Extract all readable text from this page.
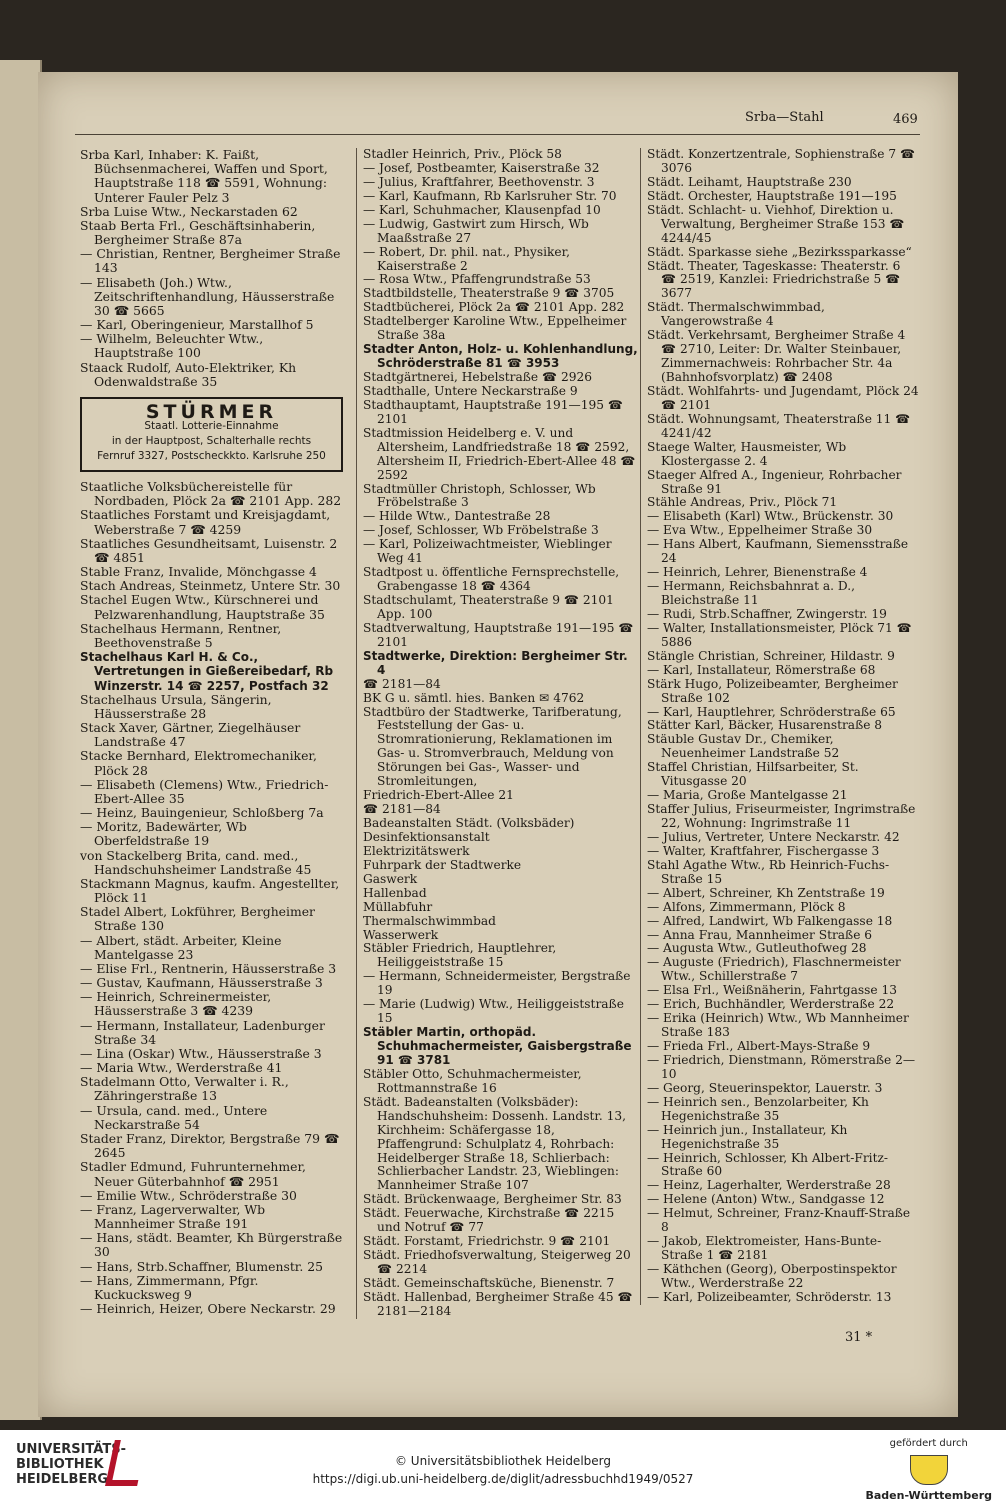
Srba—Stahl	469

Srba Karl, Inhaber: K. Faißt, Büchsenmacherei, Waffen und Sport, Hauptstraße 118 ☎ 5591, Wohnung: Unterer Fauler Pelz 3

Srba Luise Wtw., Neckarstaden 62

Staab Berta Frl., Geschäftsinhaberin, Bergheimer Straße 87a

— Christian, Rentner, Bergheimer Straße 143

— Elisabeth (Joh.) Wtw., Zeitschriftenhandlung, Häusserstraße 30 ☎ 5665

— Karl, Oberingenieur, Marstallhof 5

— Wilhelm, Beleuchter Wtw., Hauptstraße 100

Staack Rudolf, Auto-Elektriker, Kh Odenwaldstraße 35

STÜRMER
Staatl. Lotterie-Einnahme
in der Hauptpost, Schalterhalle rechts
Fernruf 3327, Postscheckkto. Karlsruhe 250

Staatliche Volksbüchereistelle für Nordbaden, Plöck 2a ☎ 2101 App. 282

Staatliches Forstamt und Kreisjagdamt, Weberstraße 7 ☎ 4259

Staatliches Gesundheitsamt, Luisenstr. 2 ☎ 4851

Stable Franz, Invalide, Mönchgasse 4

Stach Andreas, Steinmetz, Untere Str. 30

Stachel Eugen Wtw., Kürschnerei und Pelzwarenhandlung, Hauptstraße 35

Stachelhaus Hermann, Rentner, Beethovenstraße 5

Stachelhaus Karl H. & Co., Vertretungen in Gießereibedarf, Rb Winzerstr. 14 ☎ 2257, Postfach 32

Stachelhaus Ursula, Sängerin, Häusserstraße 28

Stack Xaver, Gärtner, Ziegelhäuser Landstraße 47

Stacke Bernhard, Elektromechaniker, Plöck 28

— Elisabeth (Clemens) Wtw., Friedrich-Ebert-Allee 35

— Heinz, Bauingenieur, Schloßberg 7a

— Moritz, Badewärter, Wb Oberfeldstraße 19

von Stackelberg Brita, cand. med., Handschuhsheimer Landstraße 45

Stackmann Magnus, kaufm. Angestellter, Plöck 11

Stadel Albert, Lokführer, Bergheimer Straße 130

— Albert, städt. Arbeiter, Kleine Mantelgasse 23

— Elise Frl., Rentnerin, Häusserstraße 3

— Gustav, Kaufmann, Häusserstraße 3

— Heinrich, Schreinermeister, Häusserstraße 3 ☎ 4239

— Hermann, Installateur, Ladenburger Straße 34

— Lina (Oskar) Wtw., Häusserstraße 3

— Maria Wtw., Werderstraße 41

Stadelmann Otto, Verwalter i. R., Zähringerstraße 13

— Ursula, cand. med., Untere Neckarstraße 54

Stader Franz, Direktor, Bergstraße 79 ☎ 2645

Stadler Edmund, Fuhrunternehmer, Neuer Güterbahnhof ☎ 2951

— Emilie Wtw., Schröderstraße 30

— Franz, Lagerverwalter, Wb Mannheimer Straße 191

— Hans, städt. Beamter, Kh Bürgerstraße 30

— Hans, Strb.Schaffner, Blumenstr. 25

— Hans, Zimmermann, Pfgr. Kuckucksweg 9

— Heinrich, Heizer, Obere Neckarstr. 29

Stadler Heinrich, Priv., Plöck 58

— Josef, Postbeamter, Kaiserstraße 32

— Julius, Kraftfahrer, Beethovenstr. 3

— Karl, Kaufmann, Rb Karlsruher Str. 70

— Karl, Schuhmacher, Klausenpfad 10

— Ludwig, Gastwirt zum Hirsch, Wb Maaßstraße 27

— Robert, Dr. phil. nat., Physiker, Kaiserstraße 2

— Rosa Wtw., Pfaffengrundstraße 53

Stadtbildstelle, Theaterstraße 9 ☎ 3705

Stadtbücherei, Plöck 2a ☎ 2101 App. 282

Stadtelberger Karoline Wtw., Eppelheimer Straße 38a

Stadter Anton, Holz- u. Kohlenhandlung, Schröderstraße 81 ☎ 3953

Stadtgärtnerei, Hebelstraße ☎ 2926

Stadthalle, Untere Neckarstraße 9

Stadthauptamt, Hauptstraße 191—195 ☎ 2101

Stadtmission Heidelberg e. V. und Altersheim, Landfriedstraße 18 ☎ 2592, Altersheim II, Friedrich-Ebert-Allee 48 ☎ 2592

Stadtmüller Christoph, Schlosser, Wb Fröbelstraße 3

— Hilde Wtw., Dantestraße 28

— Josef, Schlosser, Wb Fröbelstraße 3

— Karl, Polizeiwachtmeister, Wieblinger Weg 41

Stadtpost u. öffentliche Fernsprechstelle, Grabengasse 18 ☎ 4364

Stadtschulamt, Theaterstraße 9 ☎ 2101 App. 100

Stadtverwaltung, Hauptstraße 191—195 ☎ 2101

Stadtwerke, Direktion: Bergheimer Str. 4

☎ 2181—84

BK G u. sämtl. hies. Banken ✉ 4762

Stadtbüro der Stadtwerke, Tarifberatung, Feststellung der Gas- u. Stromrationierung, Reklamationen im Gas- u. Stromverbrauch, Meldung von Störungen bei Gas-, Wasser- und Stromleitungen,

Friedrich-Ebert-Allee 21

☎ 2181—84

Badeanstalten Städt. (Volksbäder)

Desinfektionsanstalt

Elektrizitätswerk

Fuhrpark der Stadtwerke

Gaswerk

Hallenbad

Müllabfuhr

Thermalschwimmbad

Wasserwerk

Stäbler Friedrich, Hauptlehrer, Heiliggeiststraße 15

— Hermann, Schneidermeister, Bergstraße 19

— Marie (Ludwig) Wtw., Heiliggeiststraße 15

Stäbler Martin, orthopäd. Schuhmachermeister, Gaisbergstraße 91 ☎ 3781

Stäbler Otto, Schuhmachermeister, Rottmannstraße 16

Städt. Badeanstalten (Volksbäder): Handschuhsheim: Dossenh. Landstr. 13, Kirchheim: Schäfergasse 18, Pfaffengrund: Schulplatz 4, Rohrbach: Heidelberger Straße 18, Schlierbach: Schlierbacher Landstr. 23, Wieblingen: Mannheimer Straße 107

Städt. Brückenwaage, Bergheimer Str. 83

Städt. Feuerwache, Kirchstraße ☎ 2215 und Notruf ☎ 77

Städt. Forstamt, Friedrichstr. 9 ☎ 2101

Städt. Friedhofsverwaltung, Steigerweg 20 ☎ 2214

Städt. Gemeinschaftsküche, Bienenstr. 7

Städt. Hallenbad, Bergheimer Straße 45 ☎ 2181—2184

Städt. Konzertzentrale, Sophienstraße 7 ☎ 3076

Städt. Leihamt, Hauptstraße 230

Städt. Orchester, Hauptstraße 191—195

Städt. Schlacht- u. Viehhof, Direktion u. Verwaltung, Bergheimer Straße 153 ☎ 4244/45

Städt. Sparkasse siehe „Bezirkssparkasse“

Städt. Theater, Tageskasse: Theaterstr. 6 ☎ 2519, Kanzlei: Friedrichstraße 5 ☎ 3677

Städt. Thermalschwimmbad, Vangerowstraße 4

Städt. Verkehrsamt, Bergheimer Straße 4 ☎ 2710, Leiter: Dr. Walter Steinbauer, Zimmernachweis: Rohrbacher Str. 4a (Bahnhofsvorplatz) ☎ 2408

Städt. Wohlfahrts- und Jugendamt, Plöck 24 ☎ 2101

Städt. Wohnungsamt, Theaterstraße 11 ☎ 4241/42

Staege Walter, Hausmeister, Wb Klostergasse 2. 4

Staeger Alfred A., Ingenieur, Rohrbacher Straße 91

Stähle Andreas, Priv., Plöck 71

— Elisabeth (Karl) Wtw., Brückenstr. 30

— Eva Wtw., Eppelheimer Straße 30

— Hans Albert, Kaufmann, Siemensstraße 24

— Heinrich, Lehrer, Bienenstraße 4

— Hermann, Reichsbahnrat a. D., Bleichstraße 11

— Rudi, Strb.Schaffner, Zwingerstr. 19

— Walter, Installationsmeister, Plöck 71 ☎ 5886

Stängle Christian, Schreiner, Hildastr. 9

— Karl, Installateur, Römerstraße 68

Stärk Hugo, Polizeibeamter, Bergheimer Straße 102

— Karl, Hauptlehrer, Schröderstraße 65

Stätter Karl, Bäcker, Husarenstraße 8

Stäuble Gustav Dr., Chemiker, Neuenheimer Landstraße 52

Staffel Christian, Hilfsarbeiter, St. Vitusgasse 20

— Maria, Große Mantelgasse 21

Staffer Julius, Friseurmeister, Ingrimstraße 22, Wohnung: Ingrimstraße 11

— Julius, Vertreter, Untere Neckarstr. 42

— Walter, Kraftfahrer, Fischergasse 3

Stahl Agathe Wtw., Rb Heinrich-Fuchs-Straße 15

— Albert, Schreiner, Kh Zentstraße 19

— Alfons, Zimmermann, Plöck 8

— Alfred, Landwirt, Wb Falkengasse 18

— Anna Frau, Mannheimer Straße 6

— Augusta Wtw., Gutleuthofweg 28

— Auguste (Friedrich), Flaschnermeister Wtw., Schillerstraße 7

— Elsa Frl., Weißnäherin, Fahrtgasse 13

— Erich, Buchhändler, Werderstraße 22

— Erika (Heinrich) Wtw., Wb Mannheimer Straße 183

— Frieda Frl., Albert-Mays-Straße 9

— Friedrich, Dienstmann, Römerstraße 2—10

— Georg, Steuerinspektor, Lauerstr. 3

— Heinrich sen., Benzolarbeiter, Kh Hegenichstraße 35

— Heinrich jun., Installateur, Kh Hegenichstraße 35

— Heinrich, Schlosser, Kh Albert-Fritz-Straße 60

— Heinz, Lagerhalter, Werderstraße 28

— Helene (Anton) Wtw., Sandgasse 12

— Helmut, Schreiner, Franz-Knauff-Straße 8

— Jakob, Elektromeister, Hans-Bunte-Straße 1 ☎ 2181

— Käthchen (Georg), Oberpostinspektor Wtw., Werderstraße 22

— Karl, Polizeibeamter, Schröderstr. 13

31 *
UNIVERSITÄTS-
BIBLIOTHEK
HEIDELBERG
© Universitätsbibliothek Heidelberg
https://digi.ub.uni-heidelberg.de/diglit/adressbuchhd1949/0527
gefördert durch
Baden-Württemberg
